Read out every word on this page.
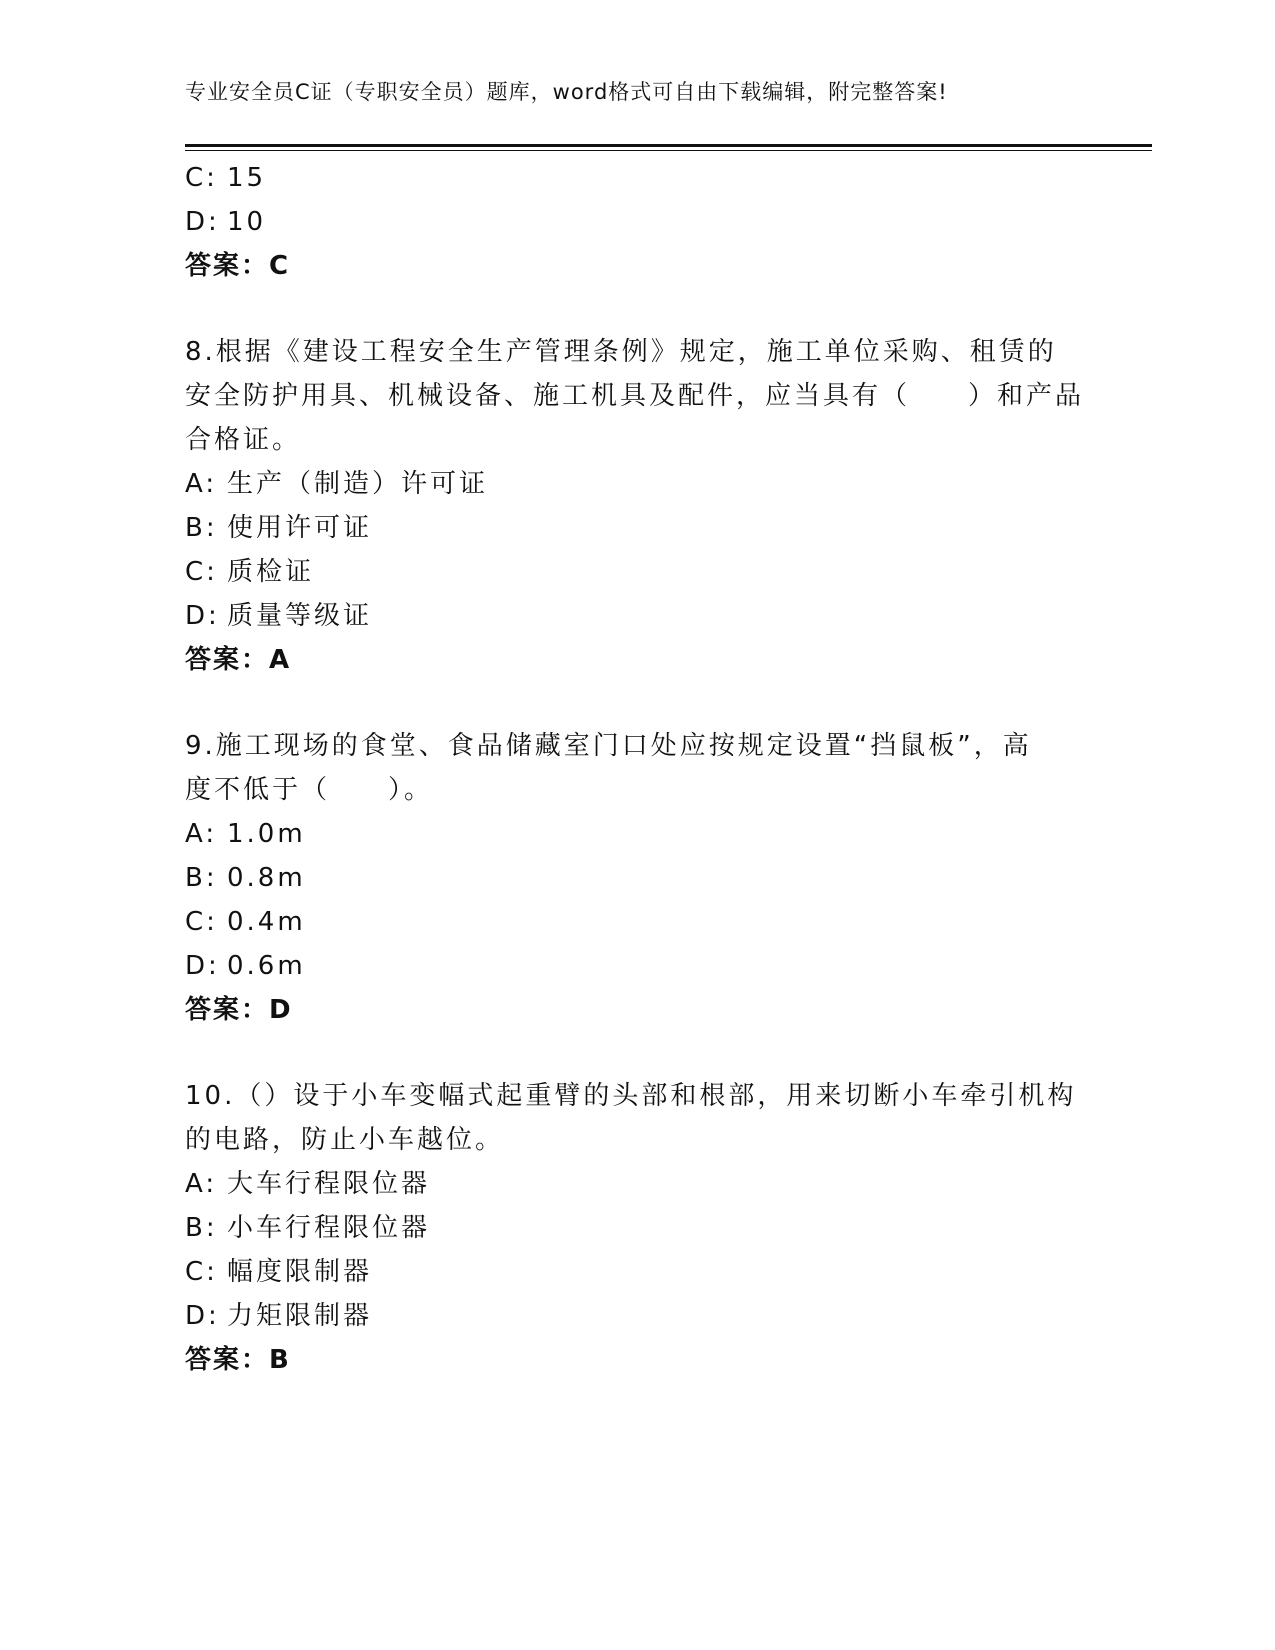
专业安全员C证（专职安全员）题库，word格式可自由下载编辑，附完整答案!
C: 15
D: 10
答案：C
8.根据《建设工程安全生产管理条例》规定，施工单位采购、租赁的
安全防护用具、机械设备、施工机具及配件，应当具有（　　）和产品
合格证。
A: 生产（制造）许可证
B: 使用许可证
C: 质检证
D: 质量等级证
答案：A
9.施工现场的食堂、食品储藏室门口处应按规定设置“挡鼠板”，高
度不低于（　　）。
A: 1.0m
B: 0.8m
C: 0.4m
D: 0.6m
答案：D
10.（）设于小车变幅式起重臂的头部和根部，用来切断小车牵引机构
的电路，防止小车越位。
A: 大车行程限位器
B: 小车行程限位器
C: 幅度限制器
D: 力矩限制器
答案：B
